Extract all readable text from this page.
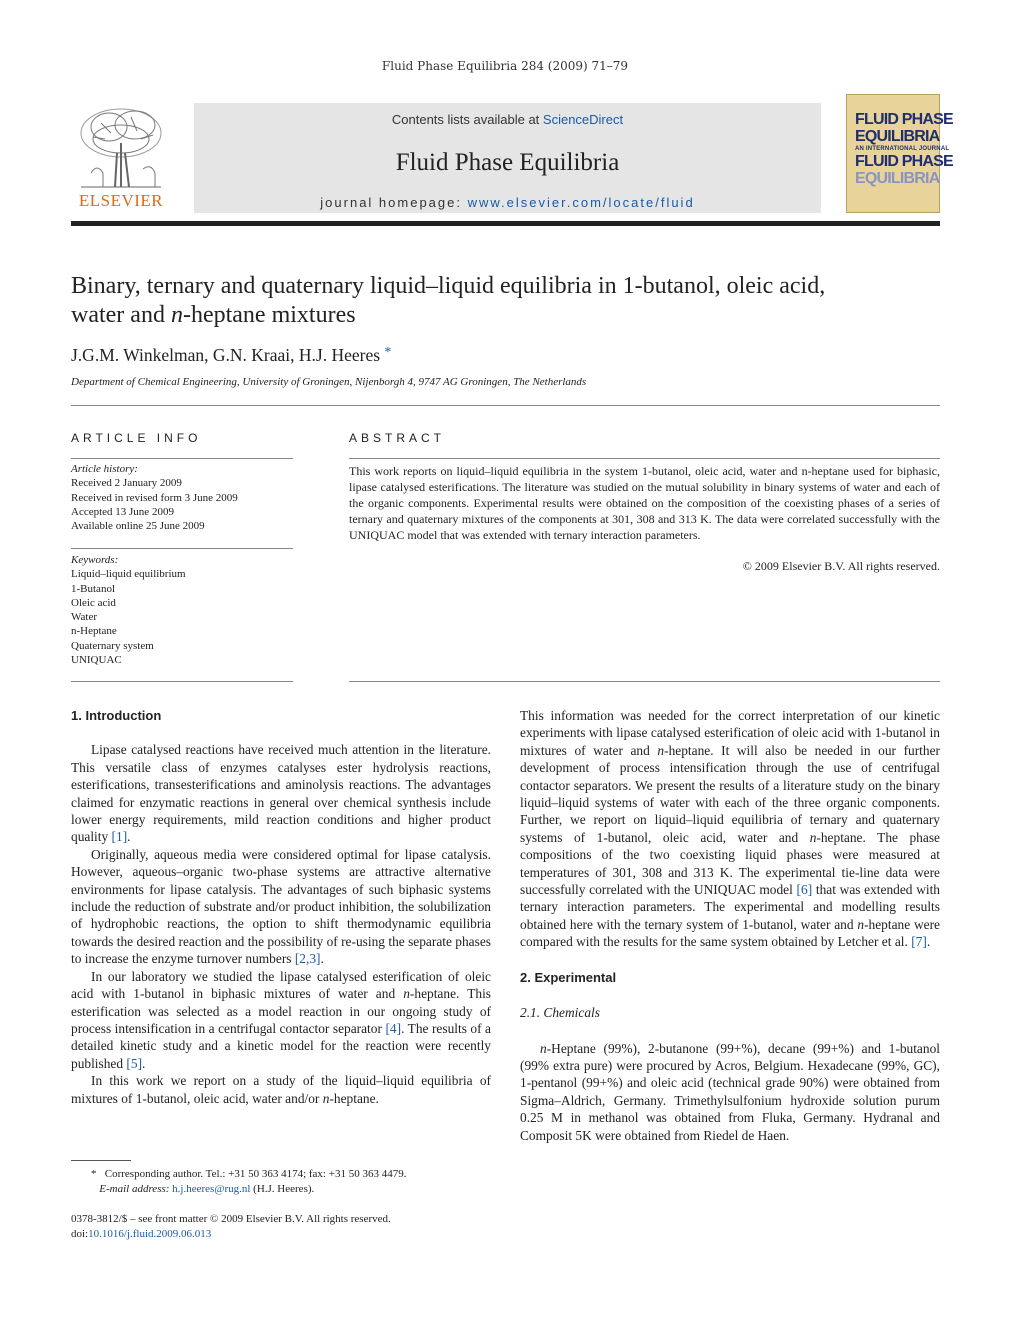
Fluid Phase Equilibria 284 (2009) 71–79
ELSEVIER
Contents lists available at ScienceDirect
Fluid Phase Equilibria
journal homepage: www.elsevier.com/locate/fluid
FLUID PHASE
EQUILIBRIA
AN INTERNATIONAL JOURNAL
FLUID PHASE
EQUILIBRIA
Binary, ternary and quaternary liquid–liquid equilibria in 1-butanol, oleic acid,
water and n-heptane mixtures
J.G.M. Winkelman, G.N. Kraai, H.J. Heeres *
Department of Chemical Engineering, University of Groningen, Nijenborgh 4, 9747 AG Groningen, The Netherlands
ARTICLE INFO
Article history:
Received 2 January 2009
Received in revised form 3 June 2009
Accepted 13 June 2009
Available online 25 June 2009
Keywords:
Liquid–liquid equilibrium
1-Butanol
Oleic acid
Water
n-Heptane
Quaternary system
UNIQUAC
ABSTRACT
This work reports on liquid–liquid equilibria in the system 1-butanol, oleic acid, water and n-heptane used for biphasic, lipase catalysed esterifications. The literature was studied on the mutual solubility in binary systems of water and each of the organic components. Experimental results were obtained on the composition of the coexisting phases of a series of ternary and quaternary mixtures of the components at 301, 308 and 313 K. The data were correlated successfully with the UNIQUAC model that was extended with ternary interaction parameters.
© 2009 Elsevier B.V. All rights reserved.

1. Introduction

Lipase catalysed reactions have received much attention in the literature. This versatile class of enzymes catalyses ester hydrolysis reactions, esterifications, transesterifications and aminolysis reactions. The advantages claimed for enzymatic reactions in general over chemical synthesis include lower energy requirements, mild reaction conditions and higher product quality [1].

Originally, aqueous media were considered optimal for lipase catalysis. However, aqueous–organic two-phase systems are attractive alternative environments for lipase catalysis. The advantages of such biphasic systems include the reduction of substrate and/or product inhibition, the solubilization of hydrophobic reactions, the option to shift thermodynamic equilibria towards the desired reaction and the possibility of re-using the separate phases to increase the enzyme turnover numbers [2,3].

In our laboratory we studied the lipase catalysed esterification of oleic acid with 1-butanol in biphasic mixtures of water and n-heptane. This esterification was selected as a model reaction in our ongoing study of process intensification in a centrifugal contactor separator [4]. The results of a detailed kinetic study and a kinetic model for the reaction were recently published [5].

In this work we report on a study of the liquid–liquid equilibria of mixtures of 1-butanol, oleic acid, water and/or n-heptane.

This information was needed for the correct interpretation of our kinetic experiments with lipase catalysed esterification of oleic acid with 1-butanol in mixtures of water and n-heptane. It will also be needed in our further development of process intensification through the use of centrifugal contactor separators. We present the results of a literature study on the binary liquid–liquid systems of water with each of the three organic components. Further, we report on liquid–liquid equilibria of ternary and quaternary systems of 1-butanol, oleic acid, water and n-heptane. The phase compositions of the two coexisting liquid phases were measured at temperatures of 301, 308 and 313 K. The experimental tie-line data were successfully correlated with the UNIQUAC model [6] that was extended with ternary interaction parameters. The experimental and modelling results obtained here with the ternary system of 1-butanol, water and n-heptane were compared with the results for the same system obtained by Letcher et al. [7].

2. Experimental

2.1. Chemicals

n-Heptane (99%), 2-butanone (99+%), decane (99+%) and 1-butanol (99% extra pure) were procured by Acros, Belgium. Hexadecane (99%, GC), 1-pentanol (99+%) and oleic acid (technical grade 90%) were obtained from Sigma–Aldrich, Germany. Trimethylsulfonium hydroxide solution purum 0.25 M in methanol was obtained from Fluka, Germany. Hydranal and Composit 5K were obtained from Riedel de Haen.

* Corresponding author. Tel.: +31 50 363 4174; fax: +31 50 363 4479.
E-mail address: h.j.heeres@rug.nl (H.J. Heeres).
0378-3812/$ – see front matter © 2009 Elsevier B.V. All rights reserved.
doi:10.1016/j.fluid.2009.06.013
